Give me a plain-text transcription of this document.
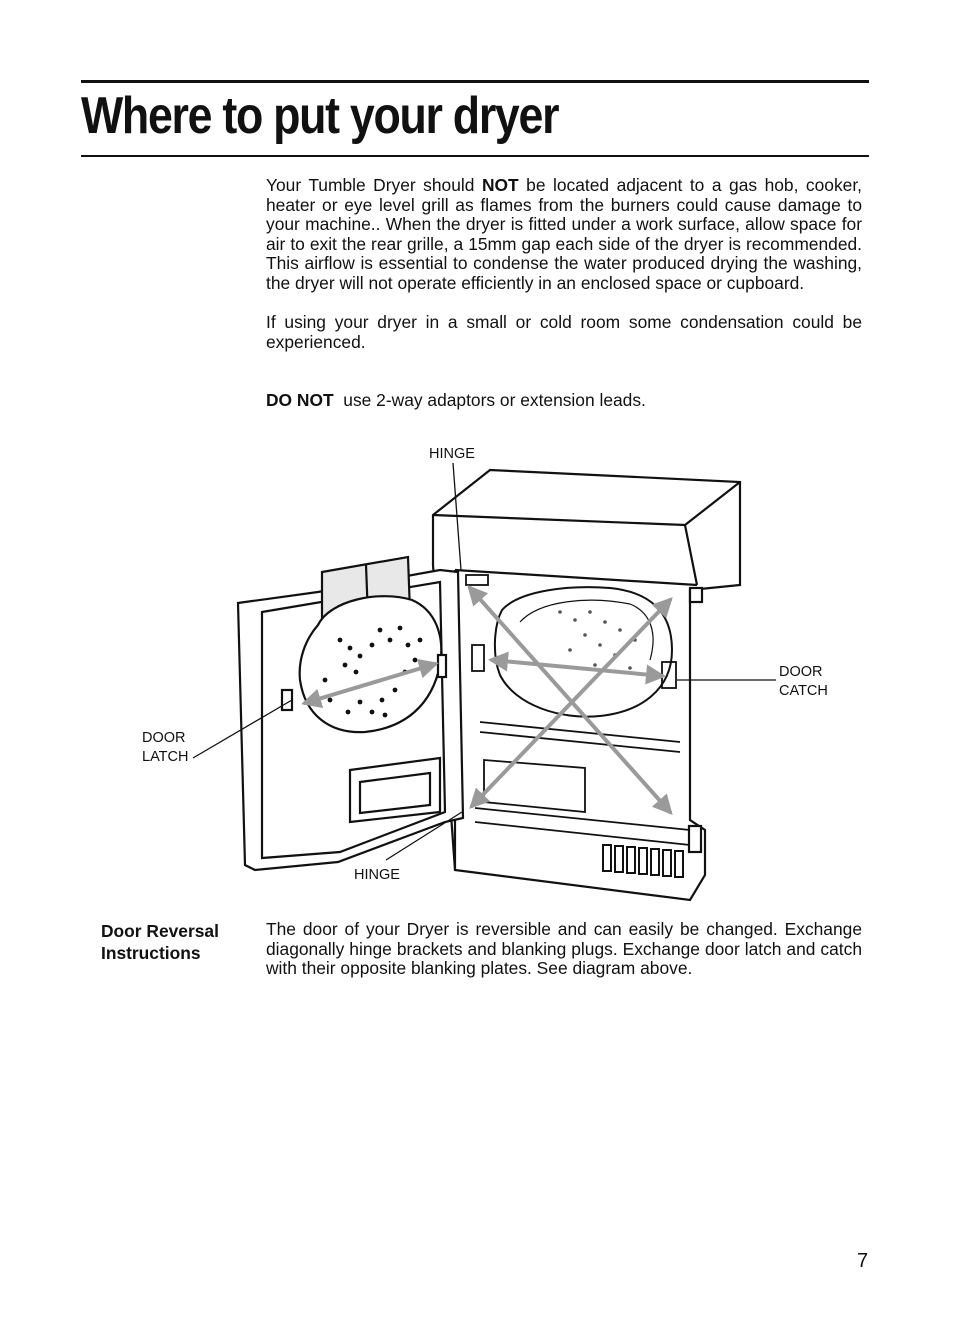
Where to put your dryer

Your Tumble Dryer should NOT be located adjacent to a gas hob, cooker, heater or eye level grill as flames from the burners could cause damage to your machine.. When the dryer is fitted under a work surface, allow space for air to exit the rear grille, a 15mm gap each side of the dryer is recommended. This airflow is essential to condense the water produced drying the washing, the dryer will not operate efficiently in an enclosed space or cupboard.

If using your dryer in a small or cold room some condensation could be experienced.

DO NOT  use 2-way adaptors or extension leads.

HINGE
HINGE
DOOR
CATCH
DOOR
LATCH

Door Reversal
Instructions

The door of your Dryer is reversible and can easily be changed. Exchange diagonally hinge brackets and blanking plugs. Exchange door latch and catch with their opposite blanking plates. See diagram above.

7
